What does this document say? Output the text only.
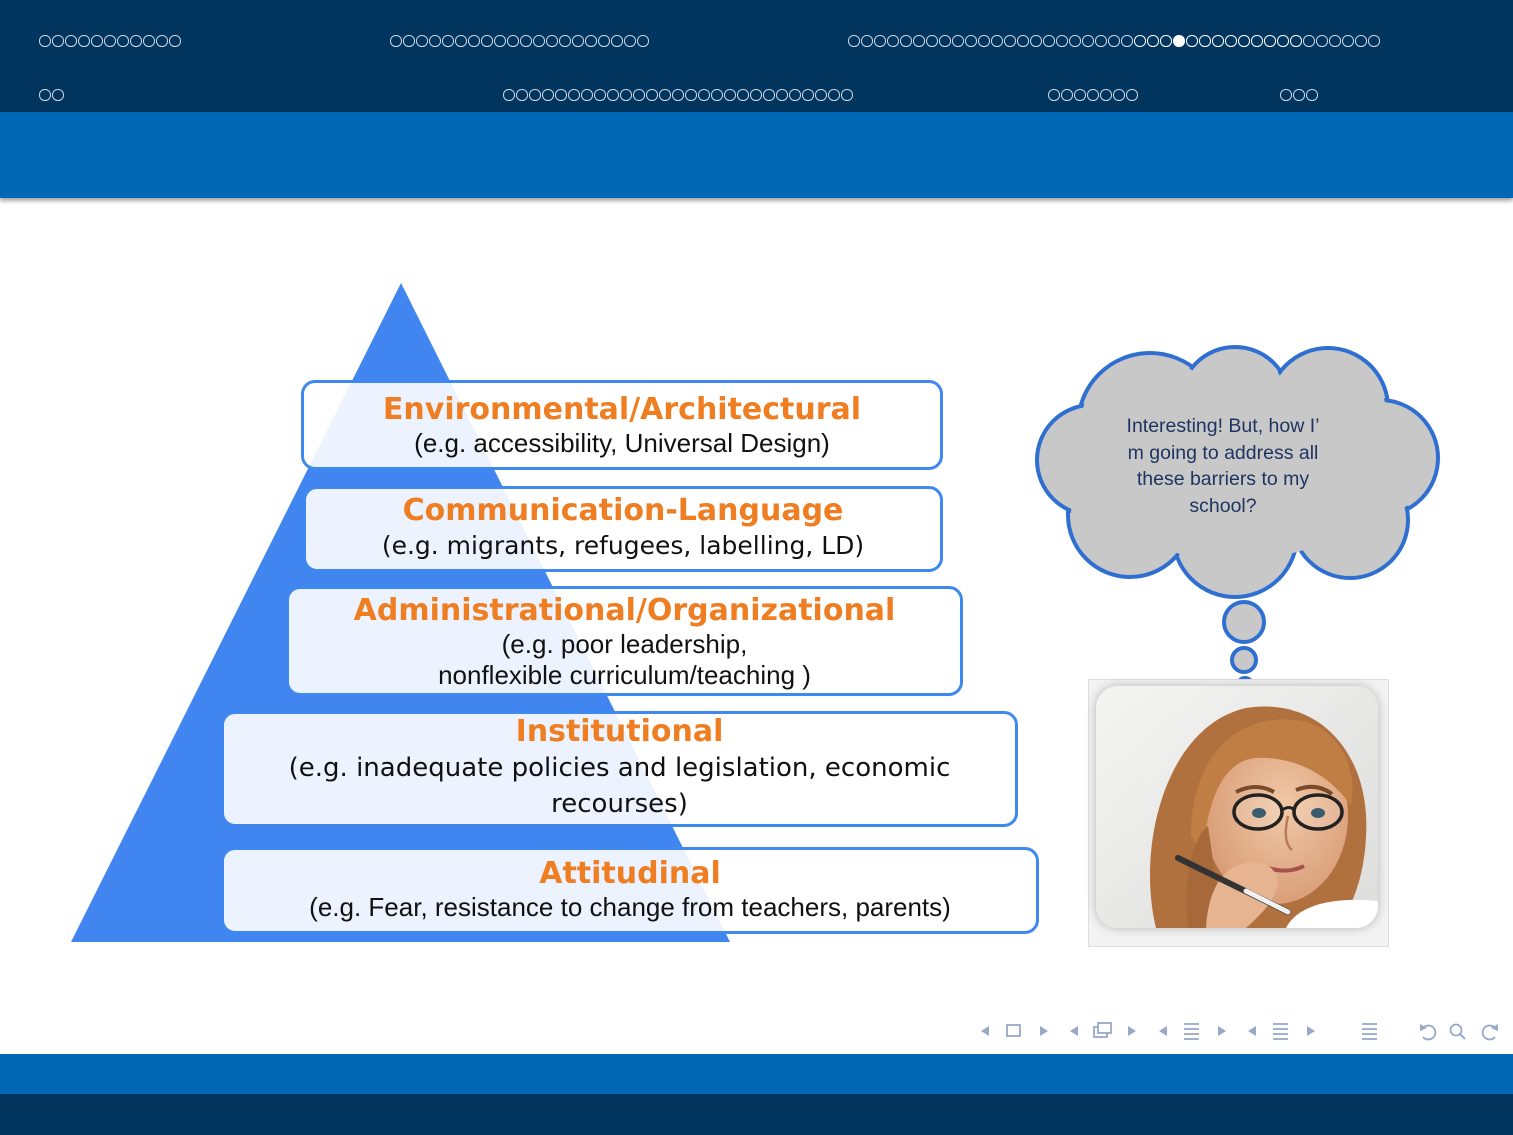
Environmental/Architectural
(e.g. accessibility, Universal Design)
Communication-Language
(e.g. migrants, refugees, labelling, LD)
Administrational/Organizational
(e.g. poor leadership,
nonflexible curriculum/teaching )
Institutional
(e.g. inadequate policies and legislation, economic
recourses)
Attitudinal
(e.g. Fear, resistance to change from teachers, parents)
Interesting! But, how I’
m going to address all
these barriers to my
school?
